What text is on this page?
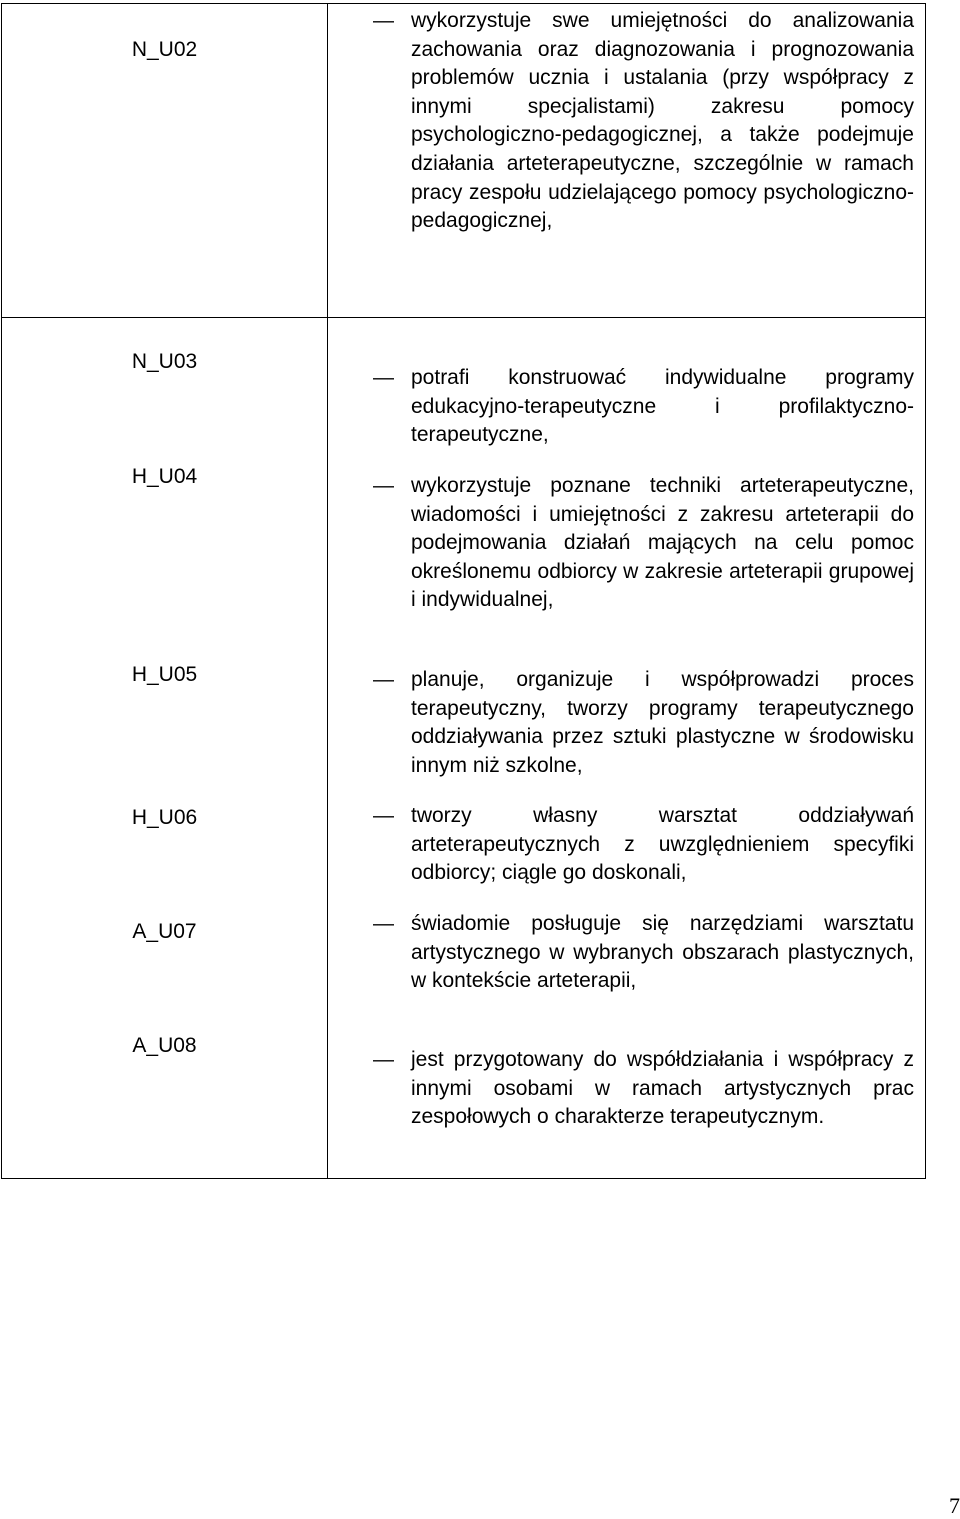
N_U02
N_U03
H_U04
H_U05
H_U06
A_U07
A_U08
— wykorzystuje swe umiejętności do analizowania zachowania oraz diagnozowania i prognozowania problemów ucznia i ustalania (przy współpracy z innymi specjalistami) zakresu pomocy psychologiczno-pedagogicznej, a także podejmuje działania arteterapeutyczne, szczególnie w ramach pracy zespołu udzielającego pomocy psychologiczno-pedagogicznej,
— potrafi konstruować indywidualne programy edukacyjno-terapeutyczne i profilaktyczno-terapeutyczne,
— wykorzystuje poznane techniki arteterapeutyczne, wiadomości i umiejętności z zakresu arteterapii do podejmowania działań mających na celu pomoc określonemu odbiorcy w zakresie arteterapii grupowej i indywidualnej,
— planuje, organizuje i współprowadzi proces terapeutyczny, tworzy programy terapeutycznego oddziaływania przez sztuki plastyczne w środowisku innym niż szkolne,
— tworzy własny warsztat oddziaływań arteterapeutycznych z uwzględnieniem specyfiki odbiorcy; ciągle go doskonali,
— świadomie posługuje się narzędziami warsztatu artystycznego w wybranych obszarach plastycznych, w kontekście arteterapii,
— jest przygotowany do współdziałania i współpracy z innymi osobami w ramach artystycznych prac zespołowych o charakterze terapeutycznym.
7
